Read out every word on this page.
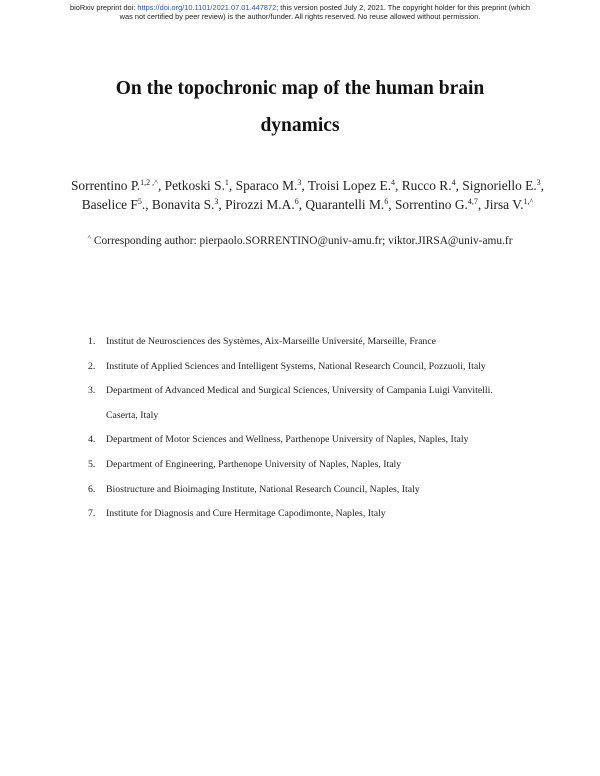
bioRxiv preprint doi: https://doi.org/10.1101/2021.07.01.447872; this version posted July 2, 2021. The copyright holder for this preprint (which
was not certified by peer review) is the author/funder. All rights reserved. No reuse allowed without permission.
On the topochronic map of the human brain
dynamics
Sorrentino P.$^{1,2 ,\^{}}$, Petkoski S.$^1$, Sparaco M.$^3$, Troisi Lopez E.$^4$, Rucco R.$^4$, Signoriello E.$^3$,
Baselice $F^5$., Bonavita S.$^3$, Pirozzi M.A.$^6$, Quarantelli M.$^6$, Sorrentino G.$^{4,7}$, Jirsa V.$^{1,\^{}}$
^ Corresponding author: pierpaolo.SORRENTINO@univ-amu.fr; viktor.JIRSA@univ-amu.fr
1. Institut de Neurosciences des Systèmes, Aix-Marseille Université, Marseille, France
2. Institute of Applied Sciences and Intelligent Systems, National Research Council, Pozzuoli, Italy
3. Department of Advanced Medical and Surgical Sciences, University of Campania Luigi Vanvitelli.
Caserta, Italy
4. Department of Motor Sciences and Wellness, Parthenope University of Naples, Naples, Italy
5. Department of Engineering, Parthenope University of Naples, Naples, Italy
6. Biostructure and Bioimaging Institute, National Research Council, Naples, Italy
7. Institute for Diagnosis and Cure Hermitage Capodimonte, Naples, Italy
